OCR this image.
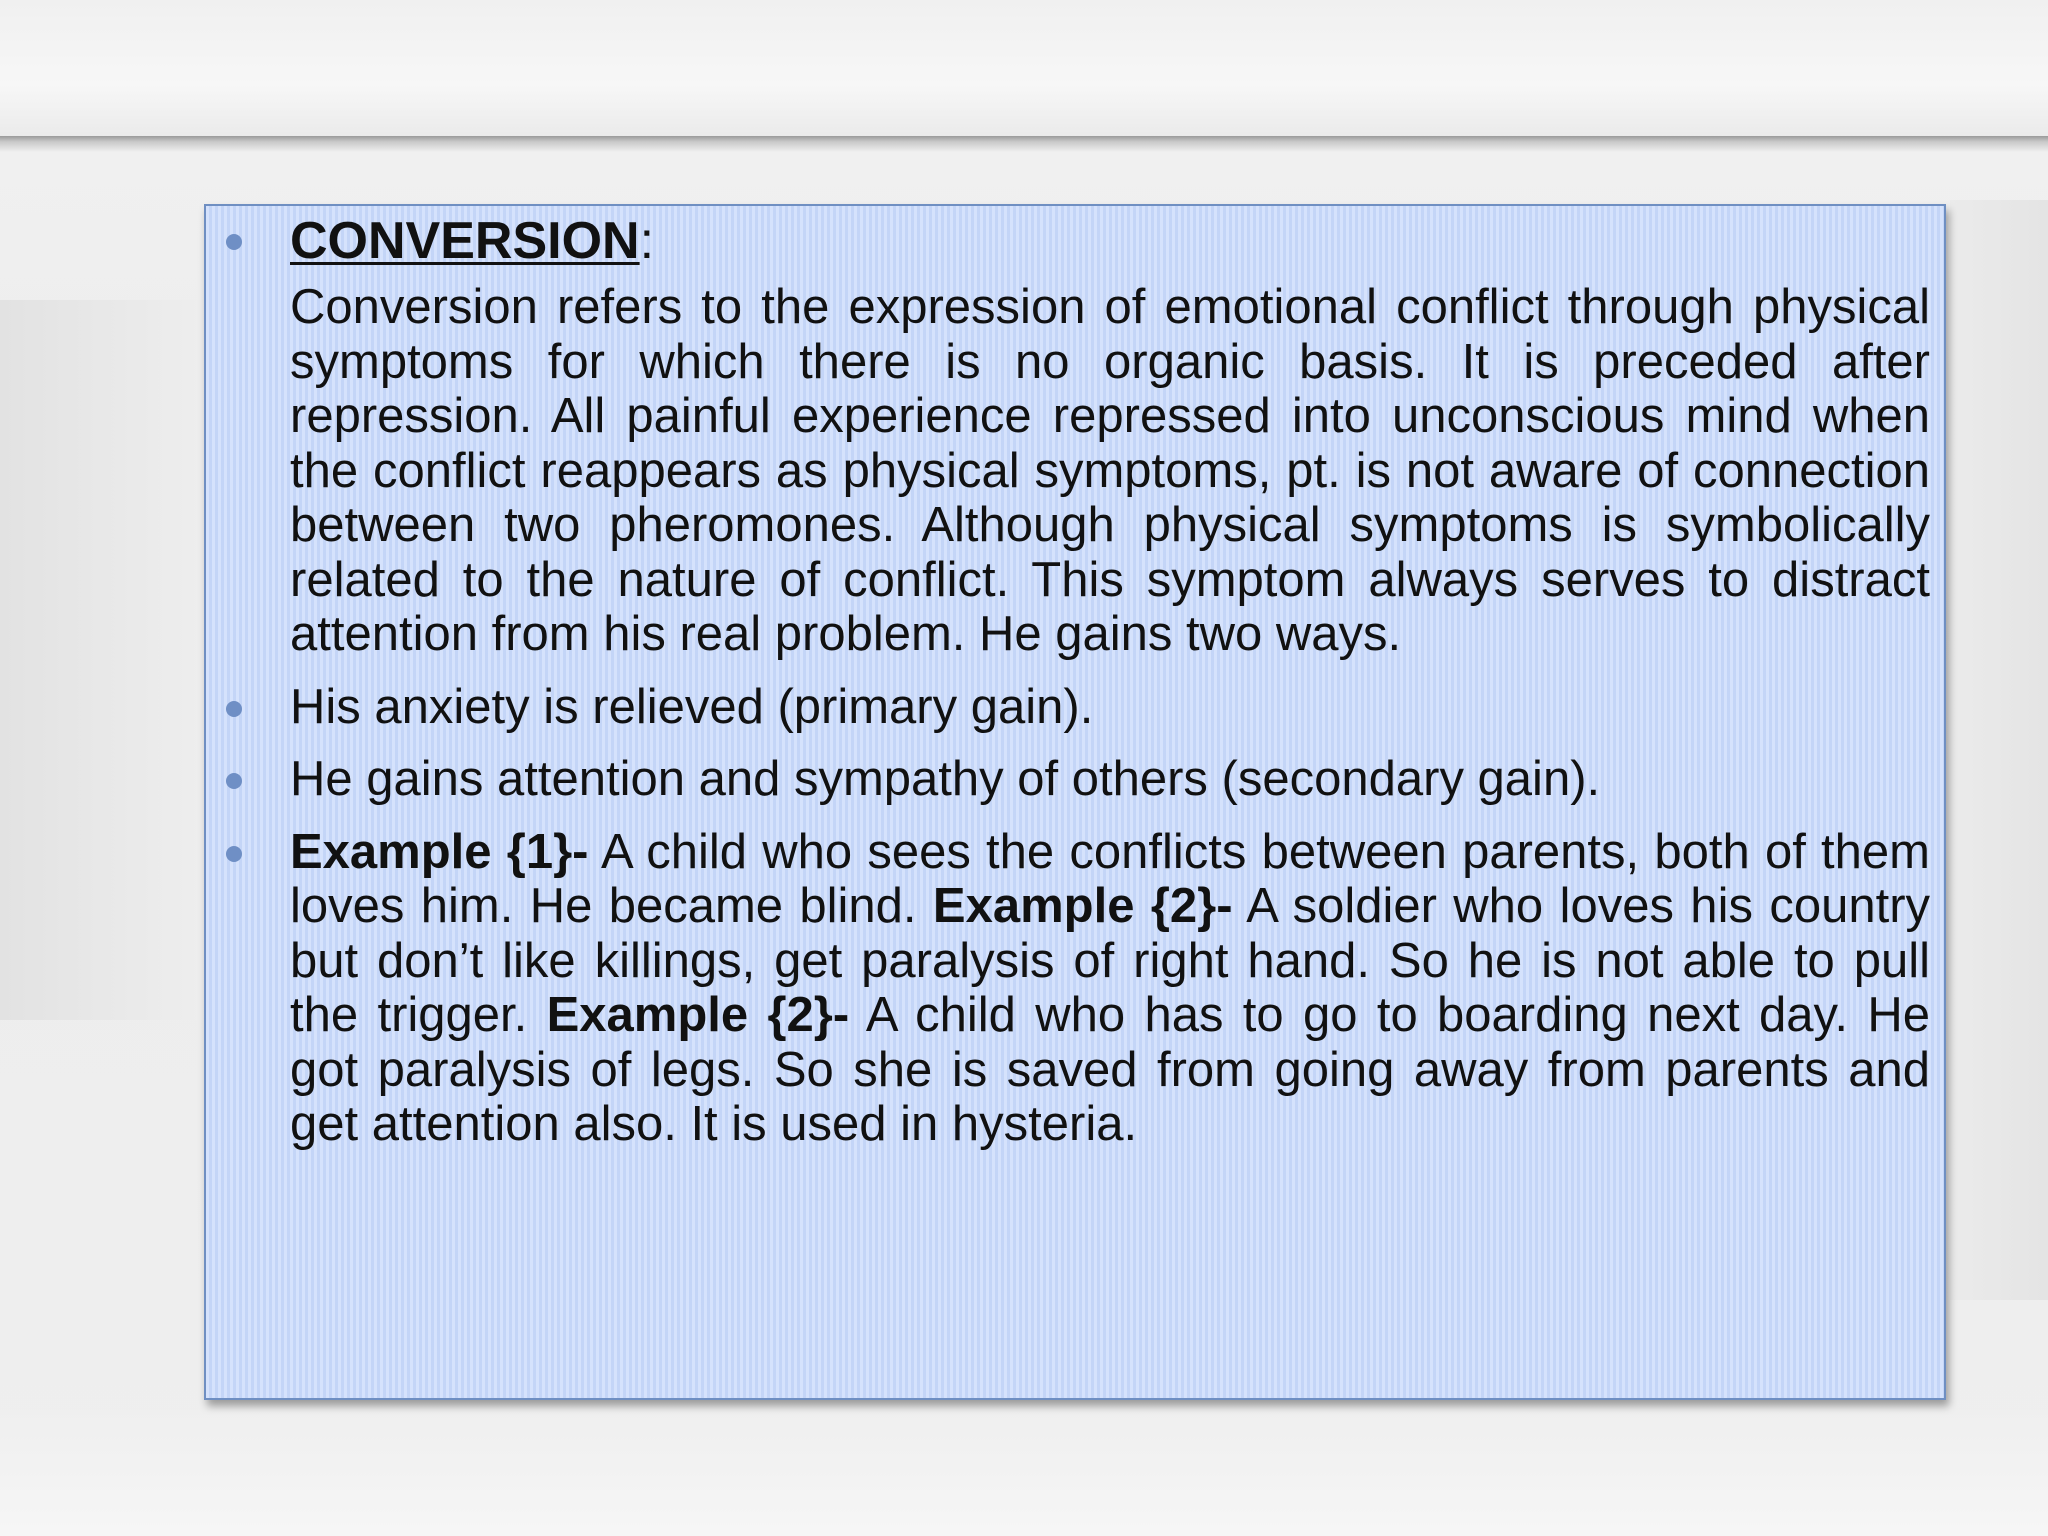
CONVERSION:

Conversion refers to the expression of emotional conflict through physical symptoms for which there is no organic basis. It is preceded after repression. All painful experience repressed into unconscious mind when the conflict reappears as physical symptoms, pt. is not aware of connection between two pheromones. Although physical symptoms is symbolically related to the nature of conflict. This symptom always serves to distract attention from his real problem. He gains two ways.

His anxiety is relieved (primary gain).

He gains attention and sympathy of others (secondary gain).

Example {1}- A child who sees the conflicts between parents, both of them loves him. He became blind. Example {2}- A soldier who loves his country but don’t like killings, get paralysis of right hand. So he is not able to pull the trigger. Example {2}- A child who has to go to boarding next day. He got paralysis of legs. So she is saved from going away from parents and get attention also. It is used in hysteria.
